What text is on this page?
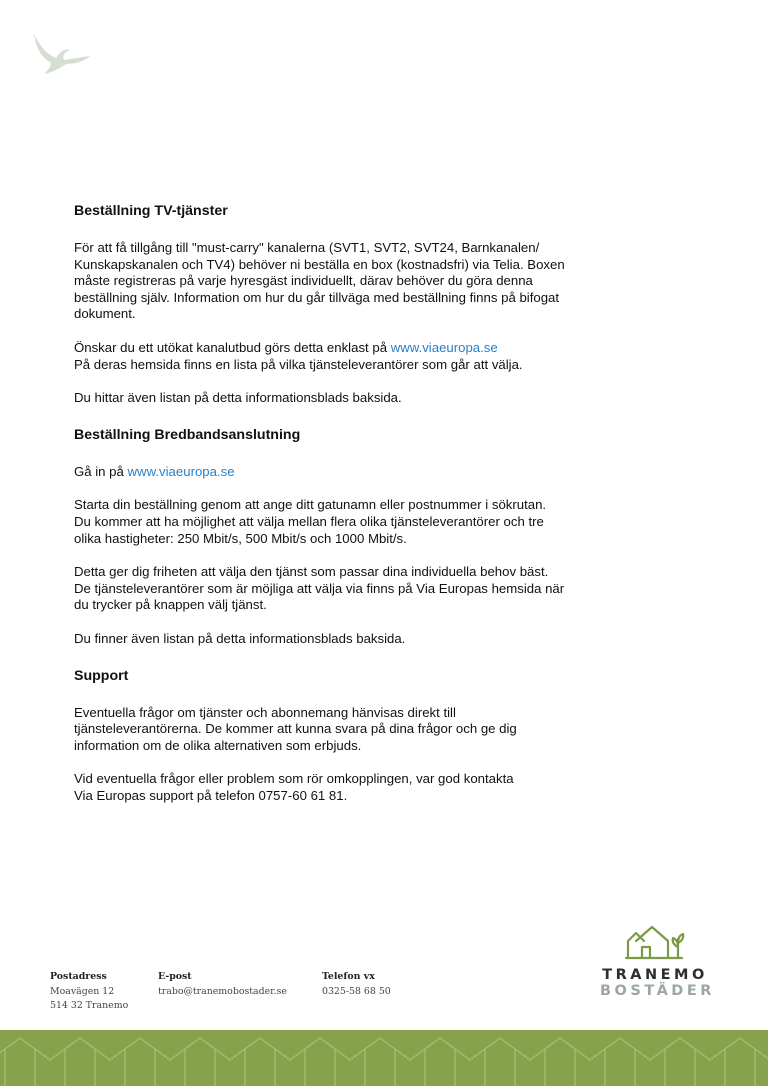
Beställning TV-tjänster
För att få tillgång till "must-carry" kanalerna (SVT1, SVT2, SVT24, Barnkanalen/
Kunskapskanalen och TV4) behöver ni beställa en box (kostnadsfri) via Telia. Boxen
måste registreras på varje hyresgäst individuellt, därav behöver du göra denna
beställning själv. Information om hur du går tillväga med beställning finns på bifogat
dokument.
Önskar du ett utökat kanalutbud görs detta enklast på www.viaeuropa.se
På deras hemsida finns en lista på vilka tjänsteleverantörer som går att välja.
Du hittar även listan på detta informationsblads baksida.
Beställning Bredbandsanslutning
Gå in på www.viaeuropa.se
Starta din beställning genom att ange ditt gatunamn eller postnummer i sökrutan.
Du kommer att ha möjlighet att välja mellan flera olika tjänsteleverantörer och tre
olika hastigheter: 250 Mbit/s, 500 Mbit/s och 1000 Mbit/s.
Detta ger dig friheten att välja den tjänst som passar dina individuella behov bäst.
De tjänsteleverantörer som är möjliga att välja via finns på Via Europas hemsida när
du trycker på knappen välj tjänst.
Du finner även listan på detta informationsblads baksida.
Support
Eventuella frågor om tjänster och abonnemang hänvisas direkt till
tjänsteleverantörerna. De kommer att kunna svara på dina frågor och ge dig
information om de olika alternativen som erbjuds.
Vid eventuella frågor eller problem som rör omkopplingen, var god kontakta
Via Europas support på telefon 0757-60 61 81.
Postadress
Moavägen 12
514 32 Tranemo
E-post
trabo@tranemobostader.se
Telefon vx
0325-58 68 50
TRANEMO
BOSTÄDER
